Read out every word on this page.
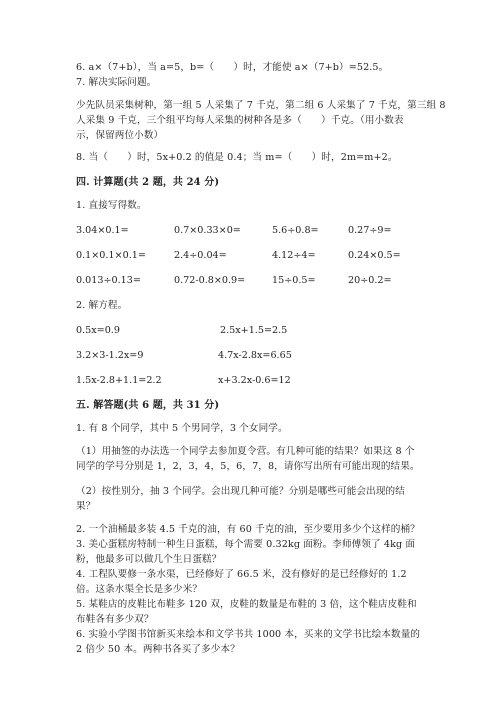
6. a×（7+b），当 a=5，b=（　　）时，才能使 a×（7+b）=52.5。
7. 解决实际问题。
少先队员采集树种，第一组 5 人采集了 7 千克，第二组 6 人采集了 7 千克，第三组 8
人采集 9 千克，三个组平均每人采集的树种各是多（　　）千克。（用小数表
示，保留两位小数）
8. 当（　　）时，5x+0.2 的值是 0.4；当 m=（　　）时，2m=m+2。
四. 计算题(共 2 题，共 24 分)
1. 直接写得数。
3.04×0.1=	0.7×0.33×0=	5.6÷0.8=	0.27÷9=
0.1×0.1×0.1=	2.4÷0.04=	4.12÷4=	0.24×0.5=
0.013÷0.13=	0.72-0.8×0.9=	15÷0.5=	20÷0.2=
2. 解方程。
0.5x=0.9	2.5x+1.5=2.5
3.2×3-1.2x=9	4.7x-2.8x=6.65
1.5x-2.8+1.1=2.2	x+3.2x-0.6=12
五. 解答题(共 6 题，共 31 分)
1. 有 8 个同学，其中 5 个男同学，3 个女同学。
（1）用抽签的办法选一个同学去参加夏令营。有几种可能的结果？如果这 8 个
同学的学号分别是 1，2，3，4，5，6，7，8，请你写出所有可能出现的结果。
（2）按性别分，抽 3 个同学。会出现几种可能？分别是哪些可能会出现的结
果？
2. 一个油桶最多装 4.5 千克的油，有 60 千克的油，至少要用多少个这样的桶？
3. 美心蛋糕房特制一种生日蛋糕，每个需要 0.32kg 面粉。李师傅领了 4kg 面
粉，他最多可以做几个生日蛋糕？
4. 工程队要修一条水渠，已经修好了 66.5 米，没有修好的是已经修好的 1.2
倍。这条水渠全长是多少米？
5. 某鞋店的皮鞋比布鞋多 120 双，皮鞋的数量是布鞋的 3 倍，这个鞋店皮鞋和
布鞋各有多少双？
6. 实验小学图书馆新买来绘本和文学书共 1000 本，买来的文学书比绘本数量的
2 倍少 50 本。两种书各买了多少本？
